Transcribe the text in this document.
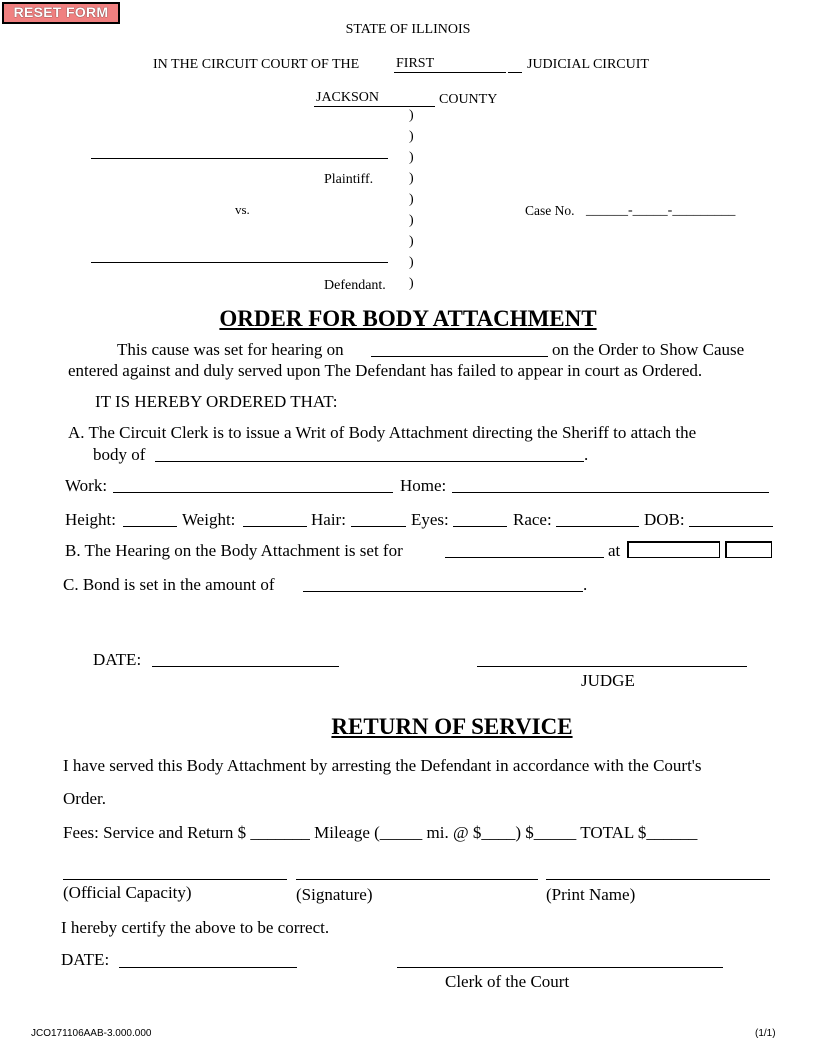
RESET FORM
STATE OF ILLINOIS
IN THE CIRCUIT COURT OF THE	FIRST	JUDICIAL CIRCUIT
JACKSON	COUNTY
)
)
)
)
)
)
)
)
)
Plaintiff.
vs.	Case No. ______-_____-_________
Defendant.
ORDER FOR BODY ATTACHMENT
This cause was set for hearing on	on the Order to Show Cause
entered against and duly served upon The Defendant has failed to appear in court as Ordered.
IT IS HEREBY ORDERED THAT:
A. The Circuit Clerk is to issue a Writ of Body Attachment directing the Sheriff to attach the
body of	.
Work:	Home:
Height:	Weight:	Hair:	Eyes:	Race:	DOB:
B. The Hearing on the Body Attachment is set for	at
C. Bond is set in the amount of	.
DATE:
JUDGE
RETURN OF SERVICE
I have served this Body Attachment by arresting the Defendant in accordance with the Court's
Order.
Fees: Service and Return $ _______ Mileage (_____ mi. @ $____) $_____ TOTAL $______
(Official Capacity)	(Signature)	(Print Name)
I hereby certify the above to be correct.
DATE:
Clerk of the Court
JCO171106AAB-3.000.000	(1/1)
